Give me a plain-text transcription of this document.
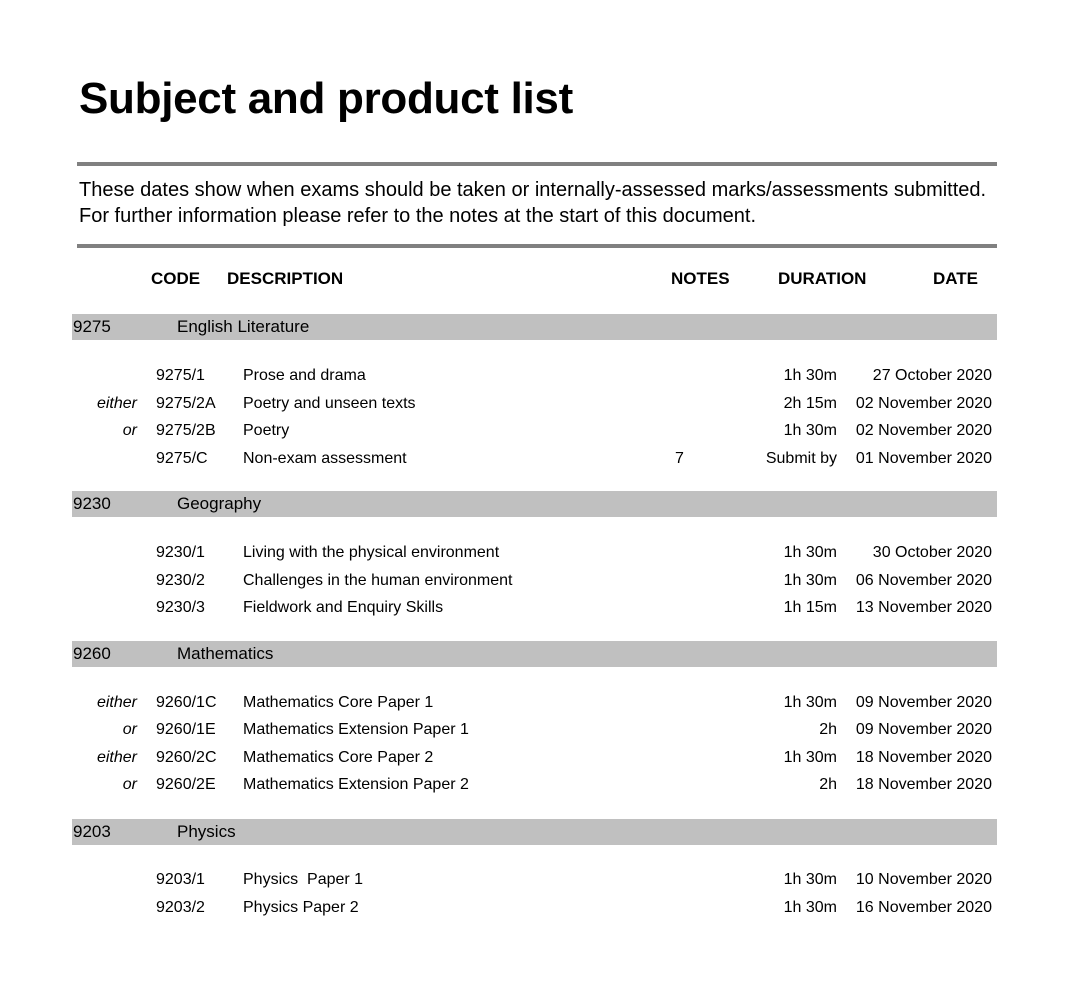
Subject and product list
These dates show when exams should be taken or internally-assessed marks/assessments submitted. For further information please refer to the notes at the start of this document.
CODE DESCRIPTION	NOTES	DURATION	DATE
9275	English Literature
9275/1 Prose and drama	1h 30m 27 October 2020
either 9275/2A Poetry and unseen texts	2h 15m 02 November 2020
or 9275/2B Poetry	1h 30m 02 November 2020
9275/C Non-exam assessment	7	Submit by 01 November 2020
9230	Geography
9230/1 Living with the physical environment	1h 30m 30 October 2020
9230/2 Challenges in the human environment	1h 30m 06 November 2020
9230/3 Fieldwork and Enquiry Skills	1h 15m 13 November 2020
9260	Mathematics
either 9260/1C Mathematics Core Paper 1	1h 30m 09 November 2020
or 9260/1E Mathematics Extension Paper 1	2h 09 November 2020
either 9260/2C Mathematics Core Paper 2	1h 30m 18 November 2020
or 9260/2E Mathematics Extension Paper 2	2h 18 November 2020
9203	Physics
9203/1 Physics  Paper 1	1h 30m 10 November 2020
9203/2 Physics Paper 2	1h 30m 16 November 2020
